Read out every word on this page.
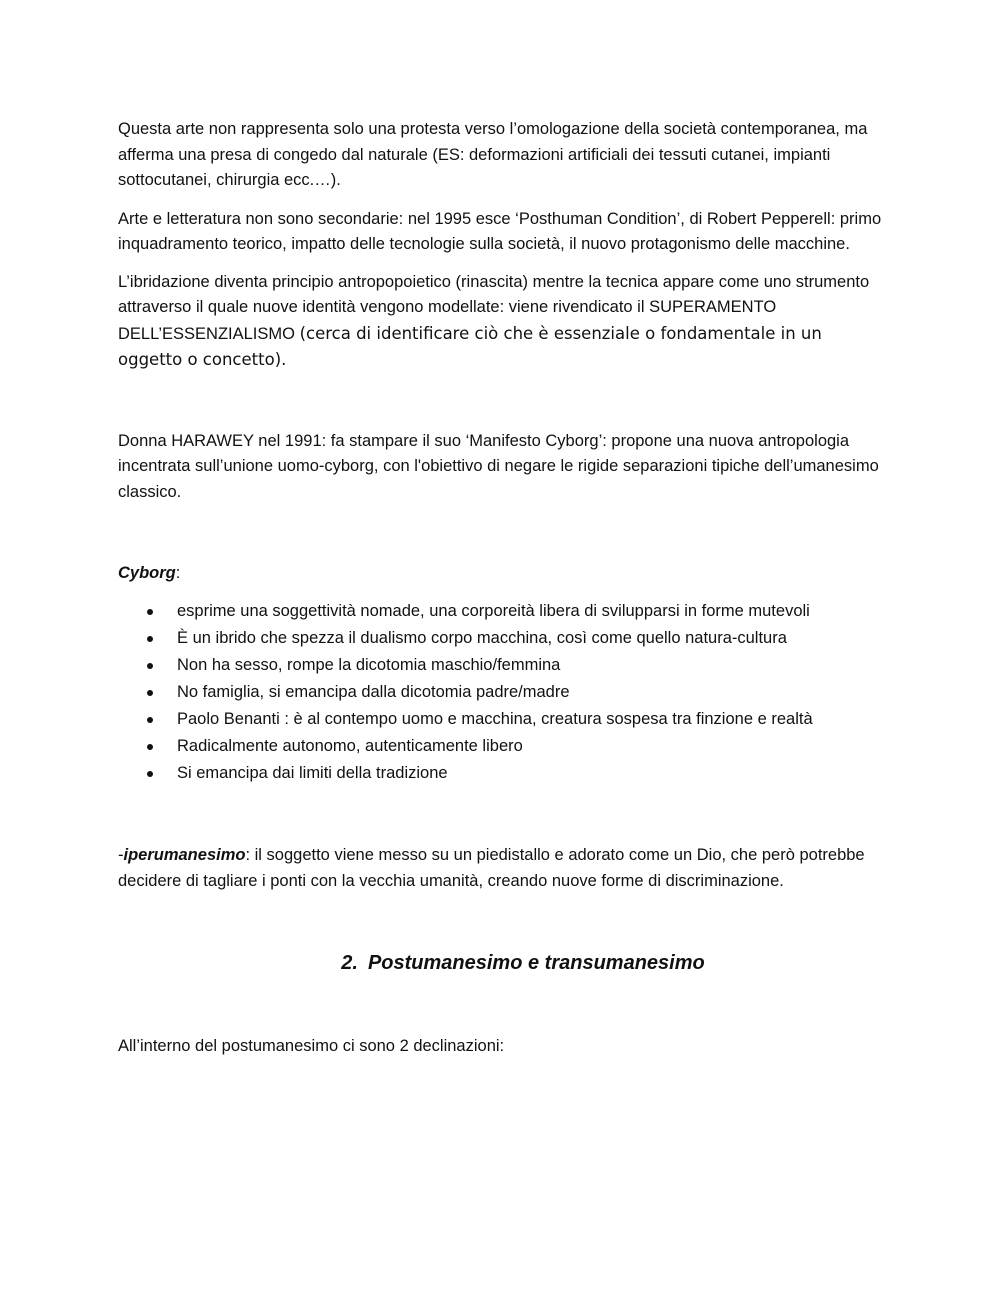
Questa arte non rappresenta solo una protesta verso l’omologazione della società contemporanea, ma afferma una presa di congedo dal naturale (ES: deformazioni artificiali dei tessuti cutanei, impianti sottocutanei, chirurgia ecc.…).

Arte e letteratura non sono secondarie: nel 1995 esce ‘Posthuman Condition’, di Robert Pepperell: primo inquadramento teorico, impatto delle tecnologie sulla società, il nuovo protagonismo delle macchine.

L’ibridazione diventa principio antropopoietico (rinascita) mentre la tecnica appare come uno strumento attraverso il quale nuove identità vengono modellate: viene rivendicato il SUPERAMENTO DELL’ESSENZIALISMO (cerca di identificare ciò che è essenziale o fondamentale in un oggetto o concetto).

Donna HARAWEY nel 1991: fa stampare il suo ‘Manifesto Cyborg’: propone una nuova antropologia incentrata sull’unione uomo-cyborg, con l'obiettivo di negare le rigide separazioni tipiche dell’umanesimo classico.

Cyborg:

esprime una soggettività nomade, una corporeità libera di svilupparsi in forme mutevoli
È un ibrido che spezza il dualismo corpo macchina, così come quello natura-cultura
Non ha sesso, rompe la dicotomia maschio/femmina
No famiglia, si emancipa dalla dicotomia padre/madre
Paolo Benanti : è al contempo uomo e macchina, creatura sospesa tra finzione e realtà
Radicalmente autonomo, autenticamente libero
Si emancipa dai limiti della tradizione

-iperumanesimo: il soggetto viene messo su un piedistallo e adorato come un Dio, che però potrebbe decidere di tagliare i ponti con la vecchia umanità, creando nuove forme di discriminazione.

2. Postumanesimo e transumanesimo

All’interno del postumanesimo ci sono 2 declinazioni:
